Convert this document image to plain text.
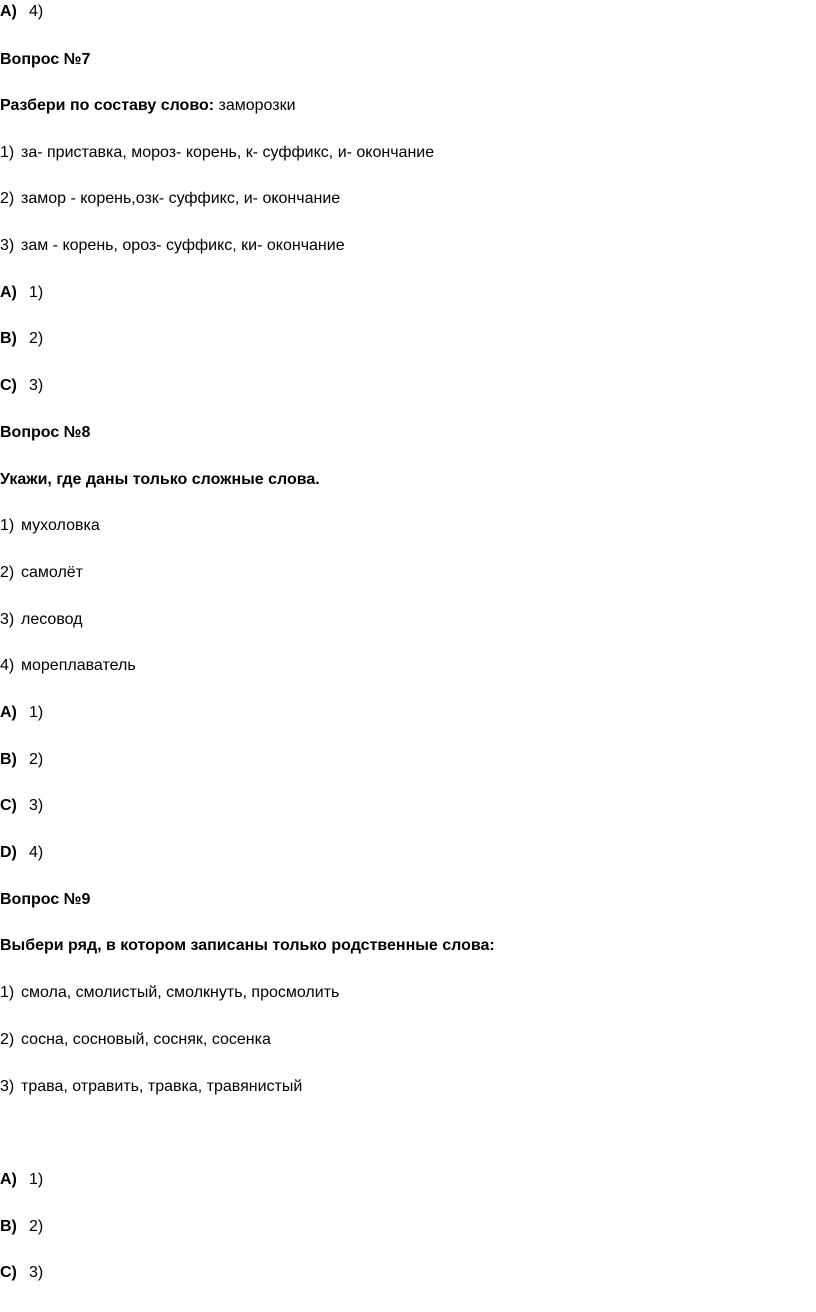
A) 4)
Вопрос №7
Разбери по составу слово: заморозки
1) за- приставка, мороз- корень, к- суффикс, и- окончание
2) замор - корень,озк- суффикс, и- окончание
3) зам - корень, ороз- суффикс, ки- окончание
A) 1)
B) 2)
C) 3)
Вопрос №8
Укажи, где даны только сложные слова.
1) мухоловка
2) самолёт
3) лесовод
4) мореплаватель
A) 1)
B) 2)
C) 3)
D) 4)
Вопрос №9
Выбери ряд, в котором записаны только родственные слова:
1) смола, смолистый, смолкнуть, просмолить
2) сосна, сосновый, сосняк, сосенка
3) трава, отравить, травка, травянистый
A) 1)
B) 2)
C) 3)
